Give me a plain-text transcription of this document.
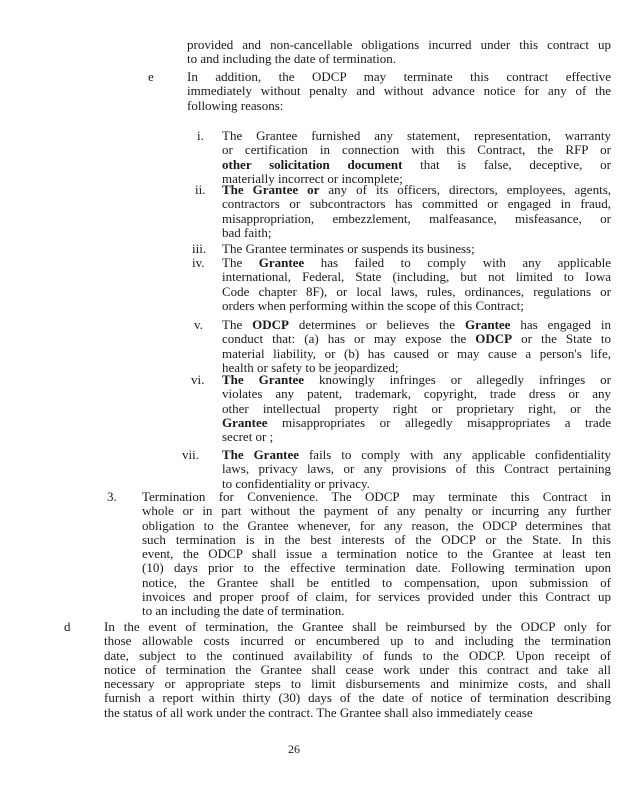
provided and non-cancellable obligations incurred under this contract up
to and including the date of termination.
e	In addition, the ODCP may terminate this contract effective
immediately without penalty and without advance notice for any of the
following reasons:
i. The Grantee furnished any statement, representation, warranty
or certification in connection with this Contract, the RFP or
other solicitation document that is false, deceptive, or
materially incorrect or incomplete;
ii. The Grantee or any of its officers, directors, employees, agents,
contractors or subcontractors has committed or engaged in fraud,
misappropriation, embezzlement, malfeasance, misfeasance, or
bad faith;
iii. The Grantee terminates or suspends its business;
iv. The Grantee has failed to comply with any applicable
international, Federal, State (including, but not limited to Iowa
Code chapter 8F), or local laws, rules, ordinances, regulations or
orders when performing within the scope of this Contract;
v. The ODCP determines or believes the Grantee has engaged in
conduct that: (a) has or may expose the ODCP or the State to
material liability, or (b) has caused or may cause a person's life,
health or safety to be jeopardized;
vi. The Grantee knowingly infringes or allegedly infringes or
violates any patent, trademark, copyright, trade dress or any
other intellectual property right or proprietary right, or the
Grantee misappropriates or allegedly misappropriates a trade
secret or ;
vii. The Grantee fails to comply with any applicable confidentiality
laws, privacy laws, or any provisions of this Contract pertaining
to confidentiality or privacy.
3. Termination for Convenience. The ODCP may terminate this Contract in
whole or in part without the payment of any penalty or incurring any further
obligation to the Grantee whenever, for any reason, the ODCP determines that
such termination is in the best interests of the ODCP or the State. In this
event, the ODCP shall issue a termination notice to the Grantee at least ten
(10) days prior to the effective termination date. Following termination upon
notice, the Grantee shall be entitled to compensation, upon submission of
invoices and proper proof of claim, for services provided under this Contract up
to an including the date of termination.
d	In the event of termination, the Grantee shall be reimbursed by the ODCP only for
those allowable costs incurred or encumbered up to and including the termination
date, subject to the continued availability of funds to the ODCP. Upon receipt of
notice of termination the Grantee shall cease work under this contract and take all
necessary or appropriate steps to limit disbursements and minimize costs, and shall
furnish a report within thirty (30) days of the date of notice of termination describing
the status of all work under the contract. The Grantee shall also immediately cease
26
